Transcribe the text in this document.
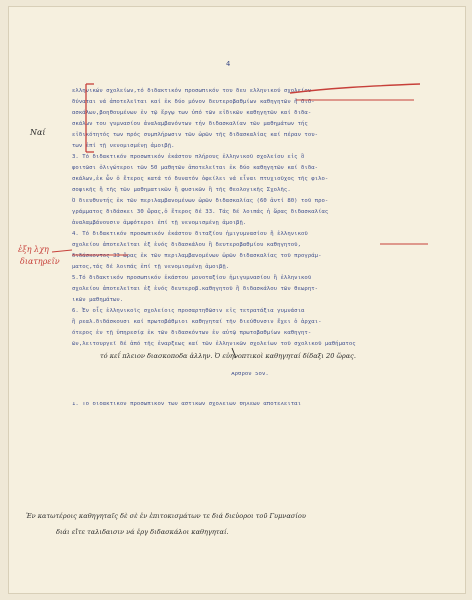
4
ελληνικών σχολείων,τό διδακτικόν προσωπικόν του δευ ελληνικού σχολείου
δύναται νά ἀποτελεῖται καί ἐκ δύο μόνον δευτεροβαθμίων καθηγητῶν ἤ διδ-
ασκάλων,βοηθουμένων ἐν τῷ ἔργῳ των ὑπό τῶν εἰδικῶν καθηγητῶν καί διδα-
σκάλων του γυμνασίου ἀναλαμβανόντων τήν διδασκαλίαν τῶν μαθημάτων τής
εἰδικότητός των πρός συμπλήρωσιν τῶν ὡρῶν τῆς διδασκαλίας καί πέραν του-
των ἐπί τῇ νενομισμένῃ ἀμοιβῇ.
3. Τό διδακτικόν προσωπικόν ἑκάστου πλήρους ἑλληνικοῦ σχολείου εἰς ὃ
φοιτῶσι ὀλιγώτεροι τῶν 50 μαθητῶν ἀποτελεῖται ἐκ δύο καθηγητῶν καί διδα-
σκάλων,ἐκ ὧν ὁ ἕτερος κατά τό δυνατόν ὀφείλει νά εἶναι πτυχιοῦχος τῆς φιλο-
σοφικῆς ἢ τῆς τῶν μαθηματικῶν ἢ φυσικῶν ἢ τῆς θεολογικῆς Σχολῆς.
Ὁ διευθυντής ἐκ τῶν περιλαμβανομένων ὡρῶν διδασκαλίας (60 ἀντί 80) τοῦ προ-
γράμματος διδάσκει 30 ὥρας,ὁ ἕτερος δέ 33. Τάς δέ λοιπάς ἡ ὥρας διδασκαλίας
ἀναλαμβάνουσιν ἀμφότεροι ἐπί τῇ νενομισμένῃ ἀμοιβῇ.
4. Τό διδακτικόν προσωπικόν ἑκάστου διταξίου ἡμιγυμνασίου ἢ ἑλληνικοῦ
σχολείου ἀποτελεῖται ἐξ ἑνός διδασκάλου ἢ δευτεροβαθμίου καθηγητοῦ,
διδάσκοντος 33 ὥρας ἐκ τῶν περιλαμβανομένων ὡρῶν διδασκαλίας τοῦ προγράμ-
ματος,τάς δέ λοιπάς ἐπί τῇ νενομισμένῃ ἀμοιβῇ.
5.Τό διδακτικόν προσωπικόν ἑκάστου μονοταξίου ἡμιγυμνασίου ἢ ἑλληνικοῦ
σχολείου ἀποτελεῖται ἐξ ἑνός δευτεροβ.καθηγητοῦ ἢ διδασκάλου τῶν θεωρητ-
ικῶν μαθημάτων.
6. Ἐν οἷς ἑλληνικοῖς σχολείοις προσαρτηθῶσιν εἰς τετρατάξια γυμνάσια
ἢ ρεαλ.διδάσκουσι καί πρωτοβάθμιοι καθηγηταί τῆν διεύθυνσιν ἔχει ὁ ἀρχαι-
ότερος ἐν τῇ ὑπηρεσίᾳ ἐκ τῶν διδασκόντων ἐν αὐτῷ πρωτοβαθμίων καθηγητ-
ῶν,λειτουργεῖ δέ ἀπό τῆς ἐναρξεως καί τῶν ἐλληνικῶν σχολείων τοῦ σχολικοῦ μαθήματος
τό κεΐ πλειον διασκοποδα ἀλλην. Ὁ εὐηνοπτικοὶ καθηγηταί δίδαξι 20 ὥρας.
Ἄρθρον 5ον.
1. Τό διδακτικόν προσωπικόν τῶν ἀστικῶν σχολείων θηλέων ἀποτελεῖται
Ναί
ἐξη λχη
διατηρεῖν
Ἐν κατωτέροις καθηγηταῖς δὲ σὲ ἐν ἐπιτοκισμάτων τε διά διεὐοροι τοῦ Γυμνασίου
διάι εἴτε ταλιδαισιν νά ἐργ διδασκάλοι καθηγηταί.
